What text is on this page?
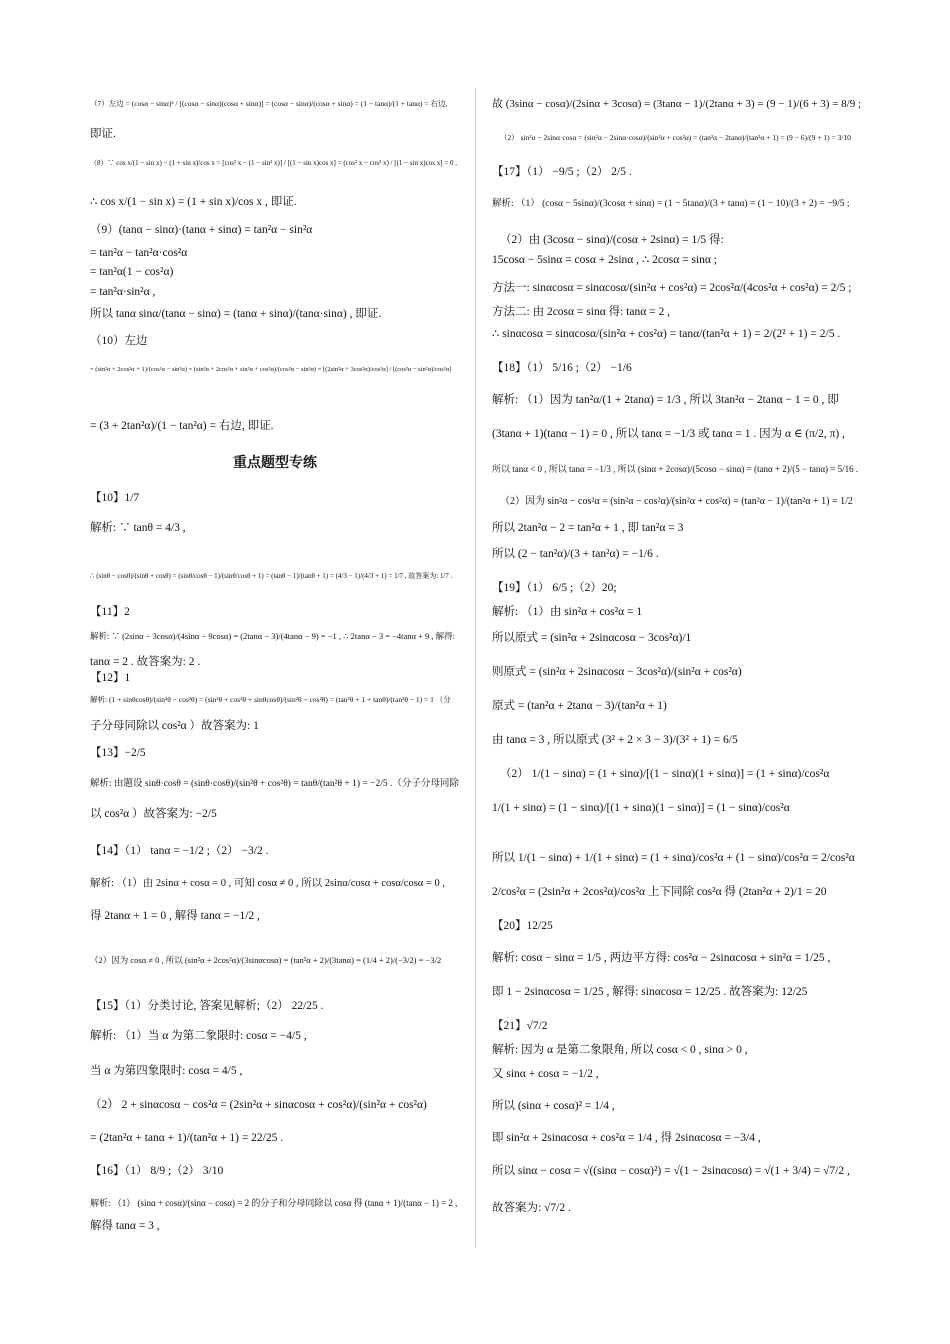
（7）左边 = (cosα − sinα)² / [(cosα − sinα)(cosα + sinα)] = (cosα − sinα)/(cosα + sinα) = (1 − tanα)/(1 + tanα) = 右边,
即证.
（8）∵ cos x/(1 − sin x) − (1 + sin x)/cos x = [cos² x − (1 − sin² x)] / [(1 − sin x)cos x] = (cos² x − cos² x) / [(1 − sin x)cos x] = 0 ,
∴ cos x/(1 − sin x) = (1 + sin x)/cos x , 即证.
（9）(tanα − sinα)·(tanα + sinα) = tan²α − sin²α
= tan²α − tan²α·cos²α
= tan²α(1 − cos²α)
= tan²α·sin²α ,
所以 tanα sinα/(tanα − sinα) = (tanα + sinα)/(tanα·sinα) , 即证.
（10）左边
= (sin²α + 2cos²α + 1)/(cos²α − sin²α) = (sin²α + 2cos²α + sin²α + cos²α)/(cos²α − sin²α) = [(2sin²α + 3cos²α)/cos²α] / [(cos²α − sin²α)/cos²α]
= (3 + 2tan²α)/(1 − tan²α) = 右边, 即证.
重点题型专练
【10】1/7
解析: ∵ tanθ = 4/3 ,
∴ (sinθ − cosθ)/(sinθ + cosθ) = (sinθ/cosθ − 1)/(sinθ/cosθ + 1) = (tanθ − 1)/(tanθ + 1) = (4/3 − 1)/(4/3 + 1) = 1/7 , 故答案为: 1/7 .
【11】2
解析: ∵ (2sinα − 3cosα)/(4sinα − 9cosα) = (2tanα − 3)/(4tanα − 9) = −1 , ∴ 2tanα − 3 = −4tanα + 9 , 解得:
tanα = 2 . 故答案为: 2 .
【12】1
解析: (1 + sinθcosθ)/(sin²θ − cos²θ) = (sin²θ + cos²θ + sinθcosθ)/(sin²θ − cos²θ) = (tan²θ + 1 + tanθ)/(tan²θ − 1) = 1 （分
子分母同除以 cos²α ）故答案为: 1
【13】−2/5
解析: 由题设 sinθ·cosθ = (sinθ·cosθ)/(sin²θ + cos²θ) = tanθ/(tan²θ + 1) = −2/5 .（分子分母同除
以 cos²α ）故答案为: −2/5
【14】（1） tanα = −1/2 ;（2） −3/2 .
解析: （1）由 2sinα + cosα = 0 , 可知 cosα ≠ 0 , 所以 2sinα/cosα + cosα/cosα = 0 ,
得 2tanα + 1 = 0 , 解得 tanα = −1/2 ,
（2）因为 cosα ≠ 0 , 所以 (sin²α + 2cos²α)/(3sinαcosα) = (tan²α + 2)/(3tanα) = (1/4 + 2)/(−3/2) = −3/2
【15】（1）分类讨论, 答案见解析;（2） 22/25 .
解析: （1）当 α 为第二象限时: cosα = −4/5 ,
当 α 为第四象限时: cosα = 4/5 ,
（2） 2 + sinαcosα − cos²α = (2sin²α + sinαcosα + cos²α)/(sin²α + cos²α)
= (2tan²α + tanα + 1)/(tan²α + 1) = 22/25 .
【16】（1） 8/9 ;（2） 3/10
解析: （1） (sinα + cosα)/(sinα − cosα) = 2 的分子和分母同除以 cosα 得 (tanα + 1)/(tanα − 1) = 2 ,
解得 tanα = 3 ,
故 (3sinα − cosα)/(2sinα + 3cosα) = (3tanα − 1)/(2tanα + 3) = (9 − 1)/(6 + 3) = 8/9 ;
（2） sin²α − 2sinα·cosα = (sin²α − 2sinα·cosα)/(sin²α + cos²α) = (tan²α − 2tanα)/(tan²α + 1) = (9 − 6)/(9 + 1) = 3/10
【17】（1） −9/5 ;（2） 2/5 .
解析: （1） (cosα − 5sinα)/(3cosα + sinα) = (1 − 5tanα)/(3 + tanα) = (1 − 10)/(3 + 2) = −9/5 ;
（2）由 (3cosα − sinα)/(cosα + 2sinα) = 1/5 得:
15cosα − 5sinα = cosα + 2sinα , ∴ 2cosα = sinα ;
方法一: sinαcosα = sinαcosα/(sin²α + cos²α) = 2cos²α/(4cos²α + cos²α) = 2/5 ;
方法二: 由 2cosα = sinα 得: tanα = 2 ,
∴ sinαcosα = sinαcosα/(sin²α + cos²α) = tanα/(tan²α + 1) = 2/(2² + 1) = 2/5 .
【18】（1） 5/16 ;（2） −1/6
解析: （1）因为 tan²α/(1 + 2tanα) = 1/3 , 所以 3tan²α − 2tanα − 1 = 0 , 即
(3tanα + 1)(tanα − 1) = 0 , 所以 tanα = −1/3 或 tanα = 1 . 因为 α ∈ (π/2, π) ,
所以 tanα < 0 , 所以 tanα = −1/3 , 所以 (sinα + 2cosα)/(5cosα − sinα) = (tanα + 2)/(5 − tanα) = 5/16 .
（2）因为 sin²α − cos²α = (sin²α − cos²α)/(sin²α + cos²α) = (tan²α − 1)/(tan²α + 1) = 1/2
所以 2tan²α − 2 = tan²α + 1 , 即 tan²α = 3
所以 (2 − tan²α)/(3 + tan²α) = −1/6 .
【19】（1） 6/5 ;（2）20;
解析: （1）由 sin²α + cos²α = 1
所以原式 = (sin²α + 2sinαcosα − 3cos²α)/1
则原式 = (sin²α + 2sinαcosα − 3cos²α)/(sin²α + cos²α)
原式 = (tan²α + 2tanα − 3)/(tan²α + 1)
由 tanα = 3 , 所以原式 (3² + 2 × 3 − 3)/(3² + 1) = 6/5
（2） 1/(1 − sinα) = (1 + sinα)/[(1 − sinα)(1 + sinα)] = (1 + sinα)/cos²α
1/(1 + sinα) = (1 − sinα)/[(1 + sinα)(1 − sinα)] = (1 − sinα)/cos²α
所以 1/(1 − sinα) + 1/(1 + sinα) = (1 + sinα)/cos²α + (1 − sinα)/cos²α = 2/cos²α
2/cos²α = (2sin²α + 2cos²α)/cos²α 上下同除 cos²α 得 (2tan²α + 2)/1 = 20
【20】12/25
解析: cosα − sinα = 1/5 , 两边平方得: cos²α − 2sinαcosα + sin²α = 1/25 ,
即 1 − 2sinαcosα = 1/25 , 解得: sinαcosα = 12/25 . 故答案为: 12/25
【21】√7/2
解析: 因为 α 是第二象限角, 所以 cosα < 0 , sinα > 0 ,
又 sinα + cosα = −1/2 ,
所以 (sinα + cosα)² = 1/4 ,
即 sin²α + 2sinαcosα + cos²α = 1/4 , 得 2sinαcosα = −3/4 ,
所以 sinα − cosα = √((sinα − cosα)²) = √(1 − 2sinαcosα) = √(1 + 3/4) = √7/2 ,
故答案为: √7/2 .
